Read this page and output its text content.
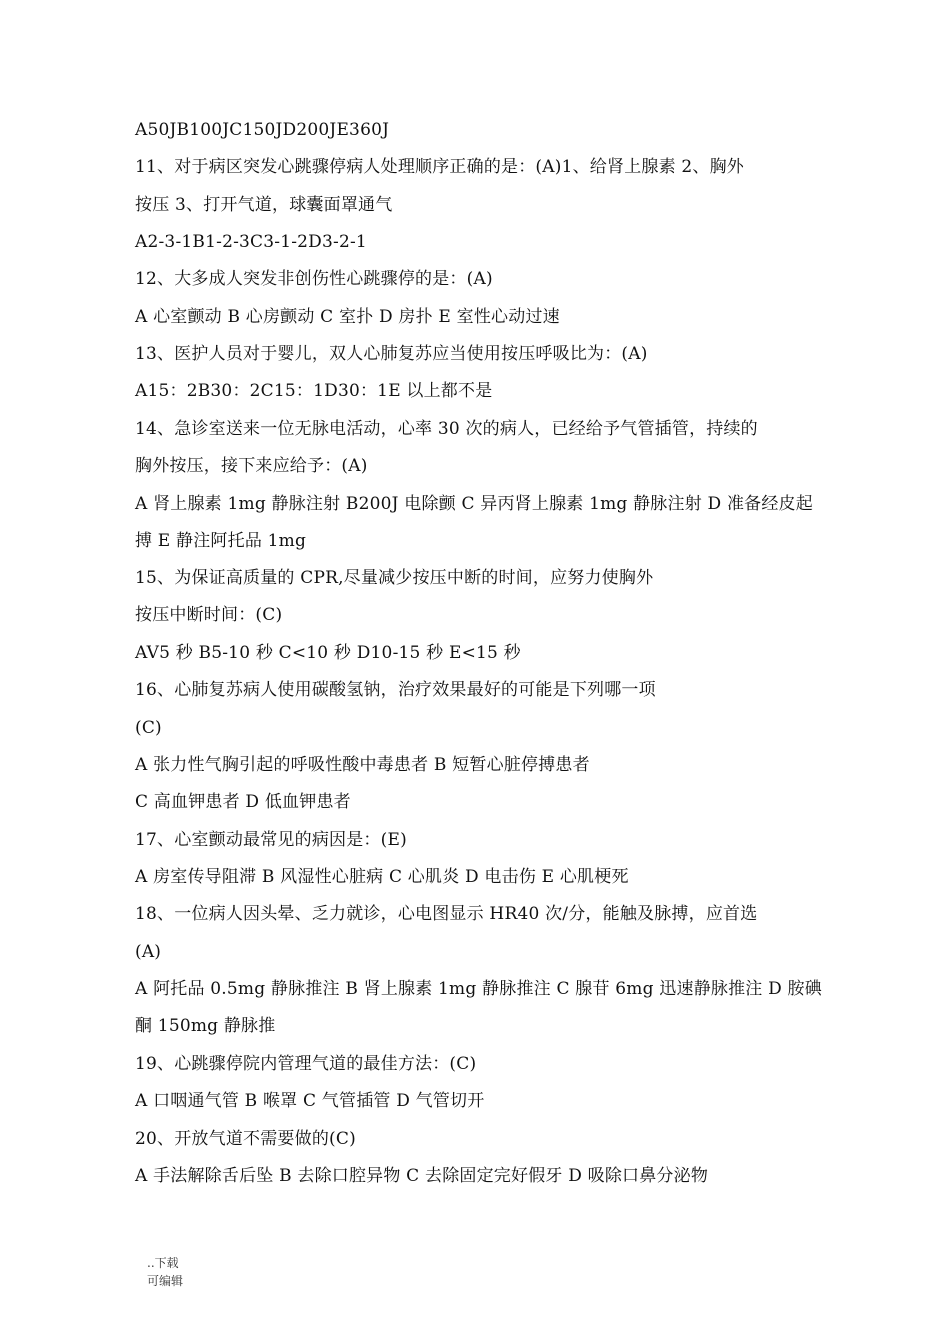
A50JB100JC150JD200JE360J
11、对于病区突发心跳骤停病人处理顺序正确的是：(A)1、给肾上腺素 2、胸外
按压 3、打开气道，球囊面罩通气
A2-3-1B1-2-3C3-1-2D3-2-1
12、大多成人突发非创伤性心跳骤停的是：(A)
A 心室颤动 B 心房颤动 C 室扑 D 房扑 E 室性心动过速
13、医护人员对于婴儿，双人心肺复苏应当使用按压呼吸比为：(A)
A15：2B30：2C15：1D30：1E 以上都不是
14、急诊室送来一位无脉电活动，心率 30 次的病人，已经给予气管插管，持续的
胸外按压，接下来应给予：(A)
A 肾上腺素 1mg 静脉注射 B200J 电除颤 C 异丙肾上腺素 1mg 静脉注射 D 准备经皮起
搏 E 静注阿托品 1mg
15、为保证高质量的 CPR,尽量减少按压中断的时间，应努力使胸外
按压中断时间：(C)
AV5 秒 B5-10 秒 C<10 秒 D10-15 秒 E<15 秒
16、心肺复苏病人使用碳酸氢钠，治疗效果最好的可能是下列哪一项
(C)
A 张力性气胸引起的呼吸性酸中毒患者 B 短暂心脏停搏患者
C 高血钾患者 D 低血钾患者
17、心室颤动最常见的病因是：(E)
A 房室传导阻滞 B 风湿性心脏病 C 心肌炎 D 电击伤 E 心肌梗死
18、一位病人因头晕、乏力就诊，心电图显示 HR40 次/分，能触及脉搏，应首选
(A)
A 阿托品 0.5mg 静脉推注 B 肾上腺素 1mg 静脉推注 C 腺苷 6mg 迅速静脉推注 D 胺碘
酮 150mg 静脉推
19、心跳骤停院内管理气道的最佳方法：(C)
A 口咽通气管 B 喉罩 C 气管插管 D 气管切开
20、开放气道不需要做的(C)
A 手法解除舌后坠 B 去除口腔异物 C 去除固定完好假牙 D 吸除口鼻分泌物
..下载
可编辑
